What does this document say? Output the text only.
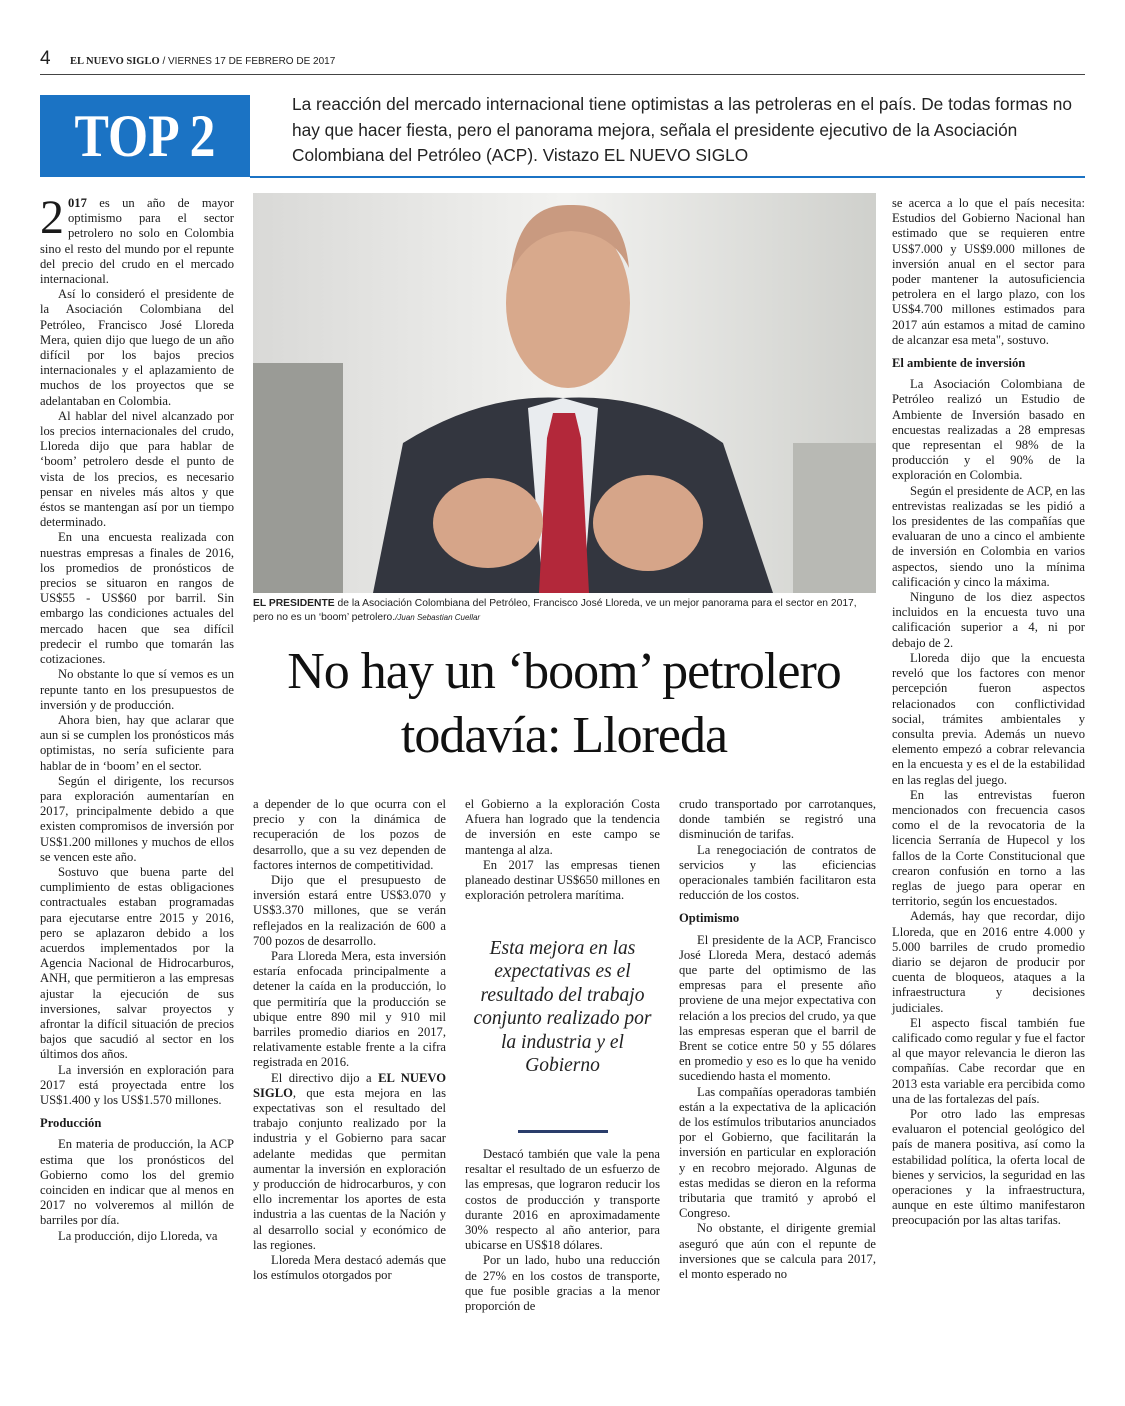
4 EL NUEVO SIGLO / VIERNES 17 DE FEBRERO DE 2017
TOP 2	La reacción del mercado internacional tiene optimistas a las petroleras en el país. De todas formas no hay que hacer fiesta, pero el panorama mejora, señala el presidente ejecutivo de la Asociación Colombiana del Petróleo (ACP). Vistazo EL NUEVO SIGLO

2 017 es un año de mayor optimismo para el sector petrolero no solo en Colombia sino el resto del mundo por el repunte del precio del crudo en el mercado internacional.

Así lo consideró el presidente de la Asociación Colombiana del Petróleo, Francisco José Lloreda Mera, quien dijo que luego de un año difícil por los bajos precios internacionales y el aplazamiento de muchos de los proyectos que se adelantaban en Colombia.

Al hablar del nivel alcanzado por los precios internacionales del crudo, Lloreda dijo que para hablar de ‘boom’ petrolero desde el punto de vista de los precios, es necesario pensar en niveles más altos y que éstos se mantengan así por un tiempo determinado.

En una encuesta realizada con nuestras empresas a finales de 2016, los promedios de pronósticos de precios se situaron en rangos de US$55 - US$60 por barril. Sin embargo las condiciones actuales del mercado hacen que sea difícil predecir el rumbo que tomarán las cotizaciones.

No obstante lo que sí vemos es un repunte tanto en los presupuestos de inversión y de producción.

Ahora bien, hay que aclarar que aun si se cumplen los pronósticos más optimistas, no sería suficiente para hablar de in ‘boom’ en el sector.

Según el dirigente, los recursos para exploración aumentarían en 2017, principalmente debido a que existen compromisos de inversión por US$1.200 millones y muchos de ellos se vencen este año.

Sostuvo que buena parte del cumplimiento de estas obligaciones contractuales estaban programadas para ejecutarse entre 2015 y 2016, pero se aplazaron debido a los acuerdos implementados por la Agencia Nacional de Hidrocarburos, ANH, que permitieron a las empresas ajustar la ejecución de sus inversiones, salvar proyectos y afrontar la difícil situación de precios bajos que sacudió al sector en los últimos dos años.

La inversión en exploración para 2017 está proyectada entre los US$1.400 y los US$1.570 millones.

Producción

En materia de producción, la ACP estima que los pronósticos del Gobierno como los del gremio coinciden en indicar que al menos en 2017 no volveremos al millón de barriles por día.

La producción, dijo Lloreda, va

EL PRESIDENTE de la Asociación Colombiana del Petróleo, Francisco José Lloreda, ve un mejor panorama para el sector en 2017, pero no es un ‘boom’ petrolero./Juan Sebastian Cuellar
No hay un ‘boom’ petrolero todavía: Lloreda

a depender de lo que ocurra con el precio y con la dinámica de recuperación de los pozos de desarrollo, que a su vez dependen de factores internos de competitividad.

Dijo que el presupuesto de inversión estará entre US$3.070 y US$3.370 millones, que se verán reflejados en la realización de 600 a 700 pozos de desarrollo.

Para Lloreda Mera, esta inversión estaría enfocada principalmente a detener la caída en la producción, lo que permitiría que la producción se ubique entre 890 mil y 910 mil barriles promedio diarios en 2017, relativamente estable frente a la cifra registrada en 2016.

El directivo dijo a EL NUEVO SIGLO, que esta mejora en las expectativas son el resultado del trabajo conjunto realizado por la industria y el Gobierno para sacar adelante medidas que permitan aumentar la inversión en exploración y producción de hidrocarburos, y con ello incrementar los aportes de esta industria a las cuentas de la Nación y al desarrollo social y económico de las regiones.

Lloreda Mera destacó además que los estímulos otorgados por

el Gobierno a la exploración Costa Afuera han logrado que la tendencia de inversión en este campo se mantenga al alza.

En 2017 las empresas tienen planeado destinar US$650 millones en exploración petrolera marítima.

Esta mejora en las expectativas es el resultado del trabajo conjunto realizado por la industria y el Gobierno

Destacó también que vale la pena resaltar el resultado de un esfuerzo de las empresas, que lograron reducir los costos de producción y transporte durante 2016 en aproximadamente 30% respecto al año anterior, para ubicarse en US$18 dólares.

Por un lado, hubo una reducción de 27% en los costos de transporte, que fue posible gracias a la menor proporción de

crudo transportado por carrotanques, donde también se registró una disminución de tarifas.

La renegociación de contratos de servicios y las eficiencias operacionales también facilitaron esta reducción de los costos.

Optimismo

El presidente de la ACP, Francisco José Lloreda Mera, destacó además que parte del optimismo de las empresas para el presente año proviene de una mejor expectativa con relación a los precios del crudo, ya que las empresas esperan que el barril de Brent se cotice entre 50 y 55 dólares en promedio y eso es lo que ha venido sucediendo hasta el momento.

Las compañías operadoras también están a la expectativa de la aplicación de los estímulos tributarios anunciados por el Gobierno, que facilitarán la inversión en particular en exploración y en recobro mejorado. Algunas de estas medidas se dieron en la reforma tributaria que tramitó y aprobó el Congreso.

No obstante, el dirigente gremial aseguró que aún con el repunte de inversiones que se calcula para 2017, el monto esperado no

se acerca a lo que el país necesita: Estudios del Gobierno Nacional han estimado que se requieren entre US$7.000 y US$9.000 millones de inversión anual en el sector para poder mantener la autosuficiencia petrolera en el largo plazo, con los US$4.700 millones estimados para 2017 aún estamos a mitad de camino de alcanzar esa meta", sostuvo.

El ambiente de inversión

La Asociación Colombiana de Petróleo realizó un Estudio de Ambiente de Inversión basado en encuestas realizadas a 28 empresas que representan el 98% de la producción y el 90% de la exploración en Colombia.

Según el presidente de ACP, en las entrevistas realizadas se les pidió a los presidentes de las compañías que evaluaran de uno a cinco el ambiente de inversión en Colombia en varios aspectos, siendo uno la mínima calificación y cinco la máxima.

Ninguno de los diez aspectos incluidos en la encuesta tuvo una calificación superior a 4, ni por debajo de 2.

Lloreda dijo que la encuesta reveló que los factores con menor percepción fueron aspectos relacionados con conflictividad social, trámites ambientales y consulta previa. Además un nuevo elemento empezó a cobrar relevancia en la encuesta y es el de la estabilidad en las reglas del juego.

En las entrevistas fueron mencionados con frecuencia casos como el de la revocatoria de la licencia Serranía de Hupecol y los fallos de la Corte Constitucional que crearon confusión en torno a las reglas de juego para operar en territorio, según los encuestados.

Además, hay que recordar, dijo Lloreda, que en 2016 entre 4.000 y 5.000 barriles de crudo promedio diario se dejaron de producir por cuenta de bloqueos, ataques a la infraestructura y decisiones judiciales.

El aspecto fiscal también fue calificado como regular y fue el factor al que mayor relevancia le dieron las compañías. Cabe recordar que en 2013 esta variable era percibida como una de las fortalezas del país.

Por otro lado las empresas evaluaron el potencial geológico del país de manera positiva, así como la estabilidad política, la oferta local de bienes y servicios, la seguridad en las operaciones y la infraestructura, aunque en este último manifestaron preocupación por las altas tarifas.
